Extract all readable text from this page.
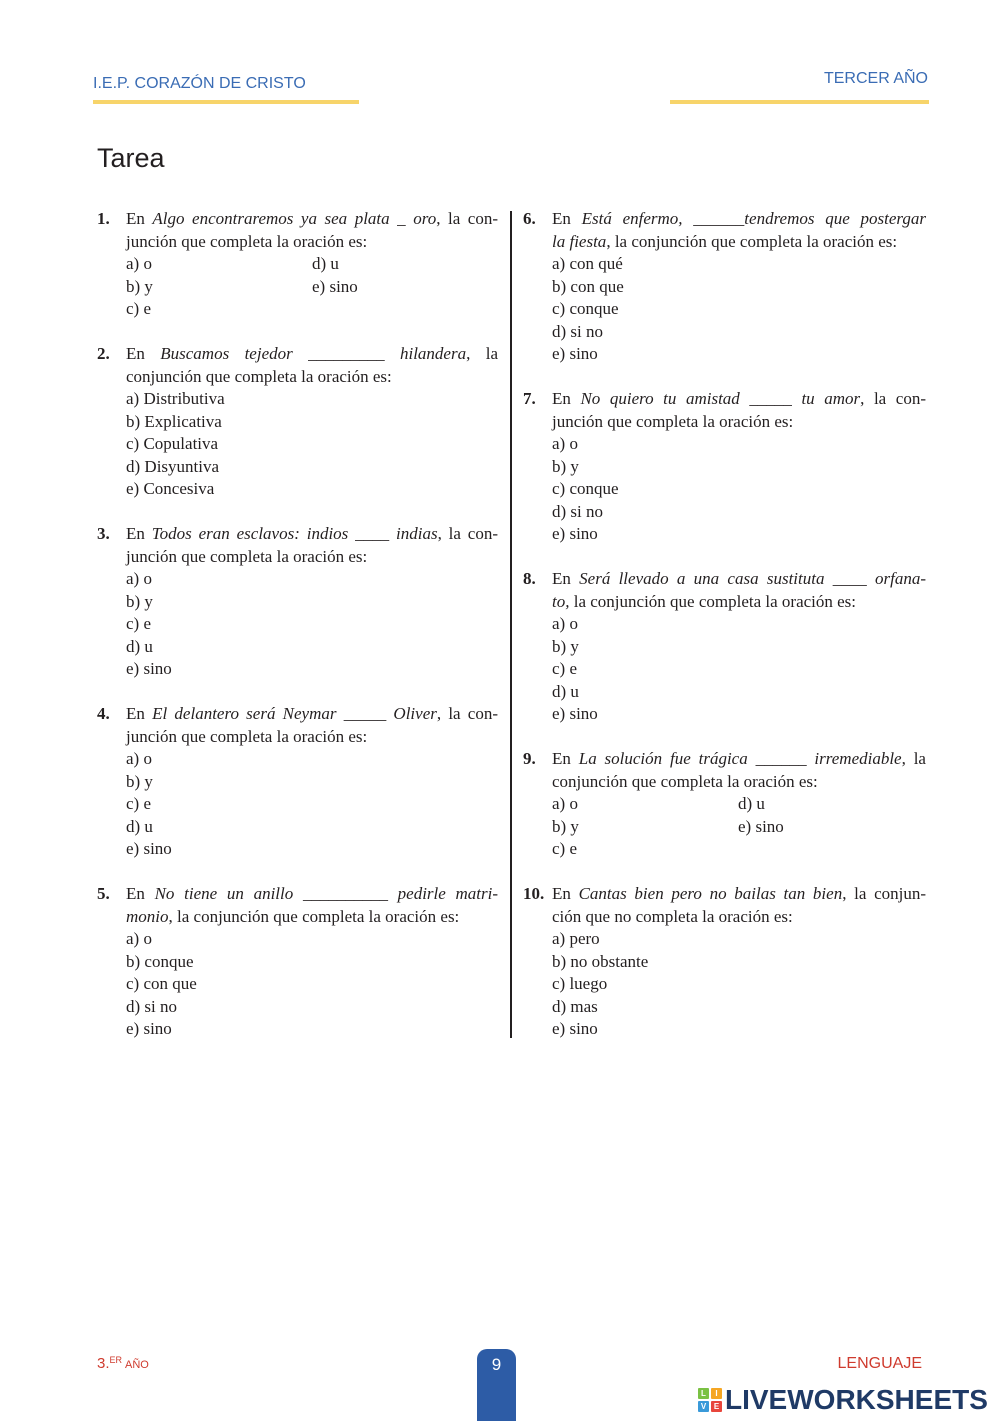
I.E.P. CORAZÓN DE CRISTO	TERCER AÑO
Tarea
1. En Algo encontraremos ya sea plata _ oro, la con-
junción que completa la oración es:
a) o
b) y
c) e
d) u
e) sino
2. En Buscamos tejedor _________ hilandera, la
conjunción que completa la oración es:
a) Distributiva
b) Explicativa
c) Copulativa
d) Disyuntiva
e) Concesiva
3. En Todos eran esclavos: indios ____ indias, la con-
junción que completa la oración es:
a) o
b) y
c) e
d) u
e) sino
4. En El delantero será Neymar _____ Oliver, la con-
junción que completa la oración es:
a) o
b) y
c) e
d) u
e) sino
5. En No tiene un anillo __________ pedirle matri-
monio, la conjunción que completa la oración es:
a) o
b) conque
c) con que
d) si no
e) sino
6. En Está enfermo, ______tendremos que postergar
la fiesta, la conjunción que completa la oración es:
a) con qué
b) con que
c) conque
d) si no
e) sino
7. En No quiero tu amistad _____ tu amor, la con-
junción que completa la oración es:
a) o
b) y
c) conque
d) si no
e) sino
8. En Será llevado a una casa sustituta ____ orfana-
to, la conjunción que completa la oración es:
a) o
b) y
c) e
d) u
e) sino
9. En La solución fue trágica ______ irremediable, la
conjunción que completa la oración es:
a) o
b) y
c) e
d) u
e) sino
10. En Cantas bien pero no bailas tan bien, la conjun-
ción que no completa la oración es:
a) pero
b) no obstante
c) luego
d) mas
e) sino
3.$^{ER}$ AÑO	9	LENGUAJE
L	I
V E LIVEWORKSHEETS
